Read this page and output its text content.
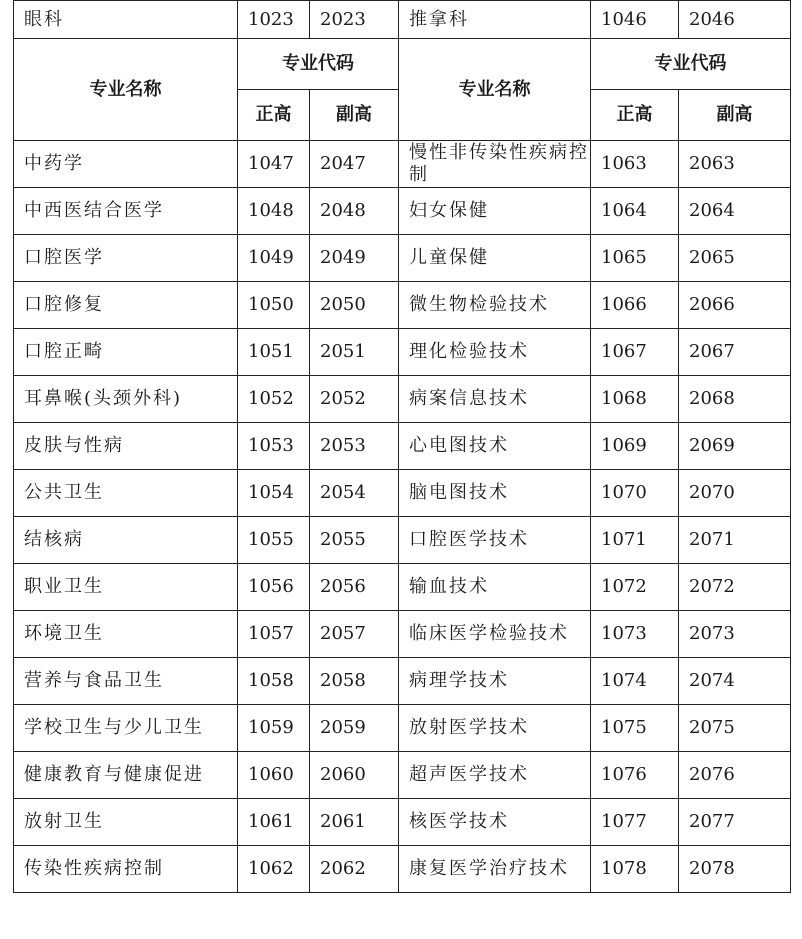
眼科	1023	2023	推拿科	1046	2046
专业名称	专业代码		专业名称	专业代码	
	正高	副高		正高	副高
中药学	1047	2047	慢性非传染性疾病控制	1063	2063
中西医结合医学	1048	2048	妇女保健	1064	2064
口腔医学	1049	2049	儿童保健	1065	2065
口腔修复	1050	2050	微生物检验技术	1066	2066
口腔正畸	1051	2051	理化检验技术	1067	2067
耳鼻喉(头颈外科)	1052	2052	病案信息技术	1068	2068
皮肤与性病	1053	2053	心电图技术	1069	2069
公共卫生	1054	2054	脑电图技术	1070	2070
结核病	1055	2055	口腔医学技术	1071	2071
职业卫生	1056	2056	输血技术	1072	2072
环境卫生	1057	2057	临床医学检验技术	1073	2073
营养与食品卫生	1058	2058	病理学技术	1074	2074
学校卫生与少儿卫生	1059	2059	放射医学技术	1075	2075
健康教育与健康促进	1060	2060	超声医学技术	1076	2076
放射卫生	1061	2061	核医学技术	1077	2077
传染性疾病控制	1062	2062	康复医学治疗技术	1078	2078
